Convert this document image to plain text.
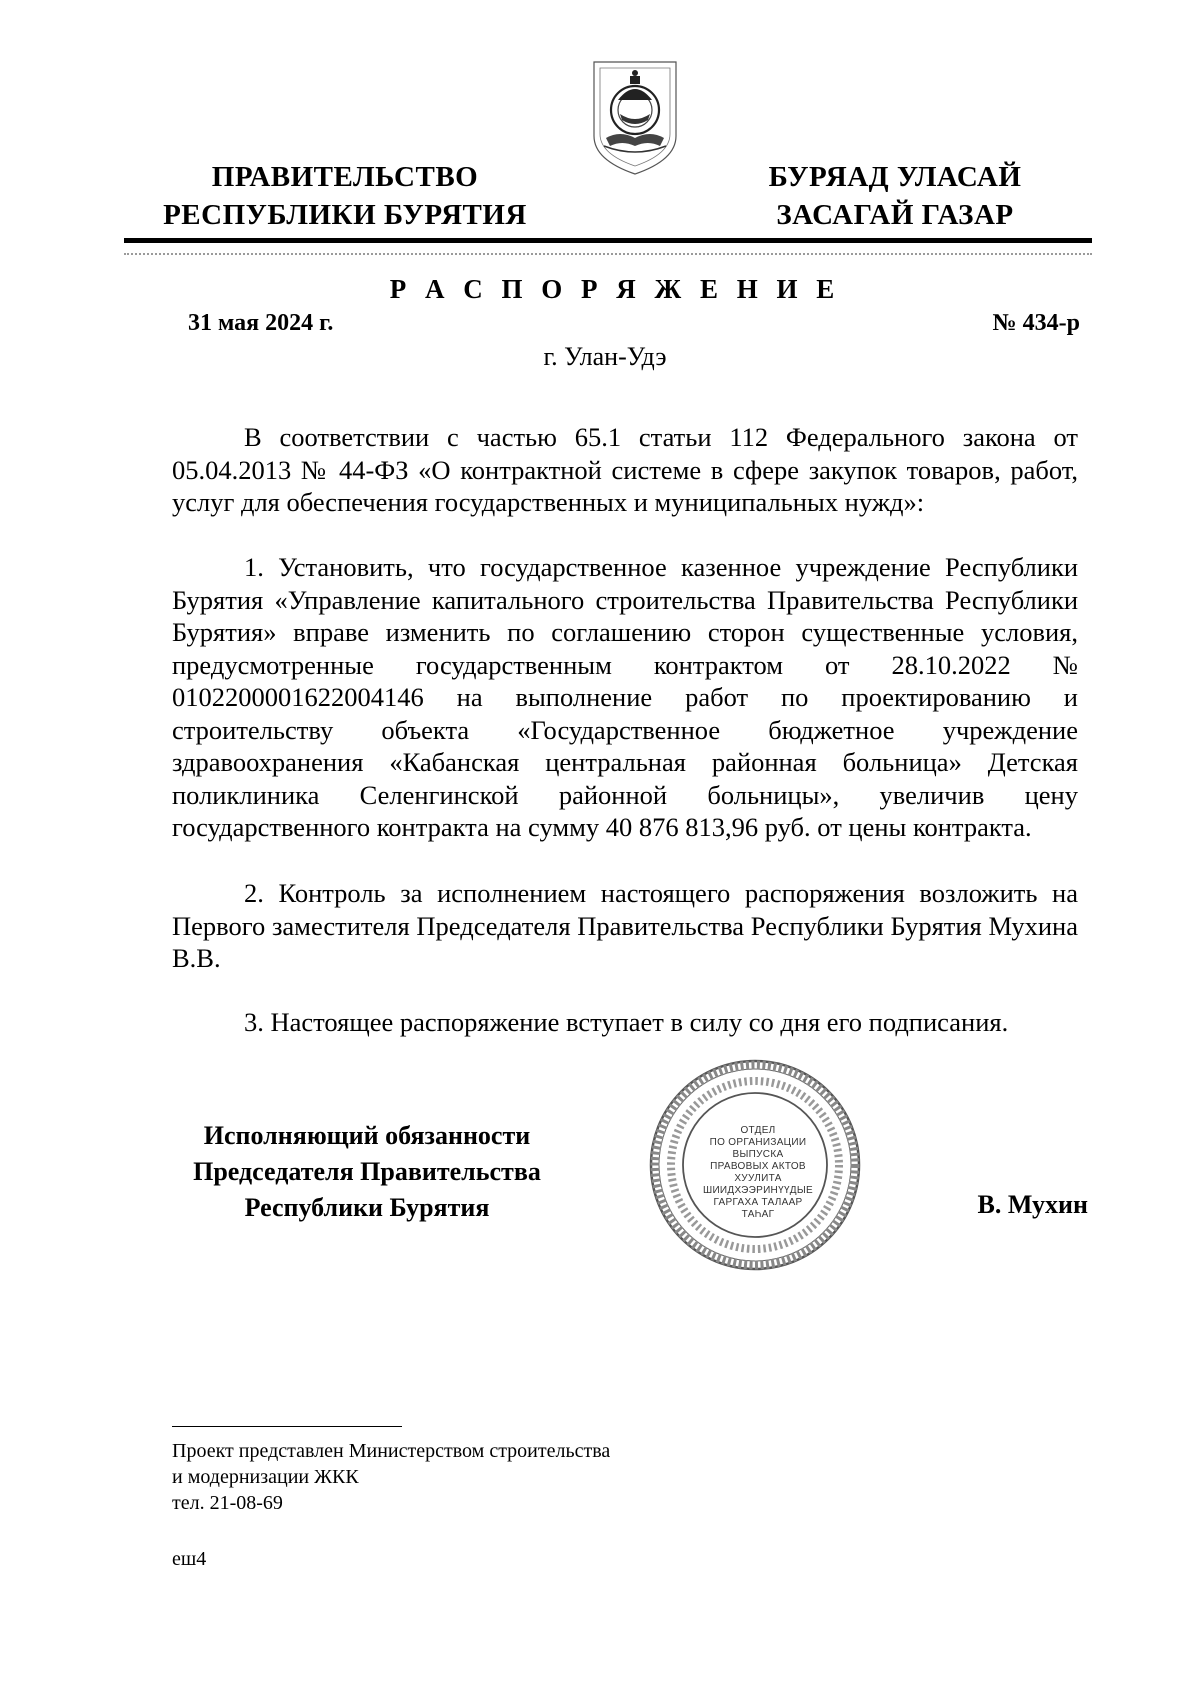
ПРАВИТЕЛЬСТВО
РЕСПУБЛИКИ БУРЯТИЯ
БУРЯАД УЛАСАЙ
ЗАСАГАЙ ГАЗАР
Р А С П О Р Я Ж Е Н И Е
31 мая 2024 г.	№ 434-р
г. Улан-Удэ

В соответствии с частью 65.1 статьи 112 Федерального закона от 05.04.2013 № 44-ФЗ «О контрактной системе в сфере закупок товаров, работ, услуг для обеспечения государственных и муниципальных нужд»:

1. Установить, что государственное казенное учреждение Республики Бурятия «Управление капитального строительства Правительства Республики Бурятия» вправе изменить по соглашению сторон существенные условия, предусмотренные государственным контрактом от 28.10.2022 № 0102200001622004146 на выполнение работ по проектированию и строительству объекта «Государственное бюджетное учреждение здравоохранения «Кабанская центральная районная больница» Детская поликлиника Селенгинской районной больницы», увеличив цену государственного контракта на сумму 40 876 813,96 руб. от цены контракта.

2. Контроль за исполнением настоящего распоряжения возложить на Первого заместителя Председателя Правительства Республики Бурятия Мухина В.В.

3. Настоящее распоряжение вступает в силу со дня его подписания.

Исполняющий обязанности
Председателя Правительства
Республики Бурятия
ОТДЕЛ
ПО ОРГАНИЗАЦИИ
ВЫПУСКА
ПРАВОВЫХ АКТОВ
ХУУЛИТА
ШИИДХЭЭРИНҮҮДЫЕ
ГАРГАХА ТАЛААР
ТАҺАГ	В. Мухин
Проект представлен Министерством строительства
и модернизации ЖКК
тел. 21-08-69
еш4
